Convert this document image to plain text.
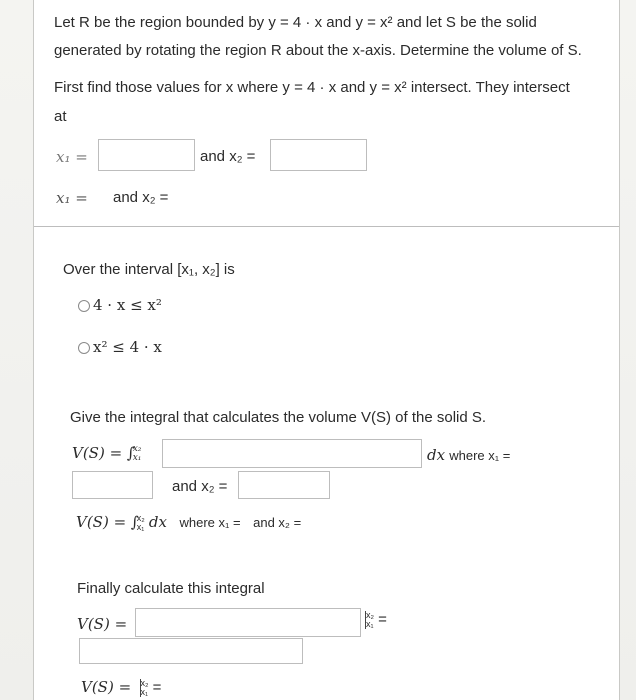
Let R be the region bounded by y = 4 · x and y = x² and let S be the solid
generated by rotating the region R about the x-axis. Determine the volume of S.
First find those values for x where y = 4 · x and y = x² intersect. They intersect
at
x₁ =	and x₂ =
x₁ = and x₂ =
Over the interval [x₁, x₂] is
4 · x ≤ x²
x² ≤ 4 · x
Give the integral that calculates the volume V(S) of the solid S.
V(S) = ∫
x₂
x₁	dx where x₁ =
and x₂ =
V(S) = ∫
x₂
x₁ dx where x₁ = and x₂ =
Finally calculate this integral
V(S) =	x₂
x₁ =
V(S) = x₂
x₁ =
